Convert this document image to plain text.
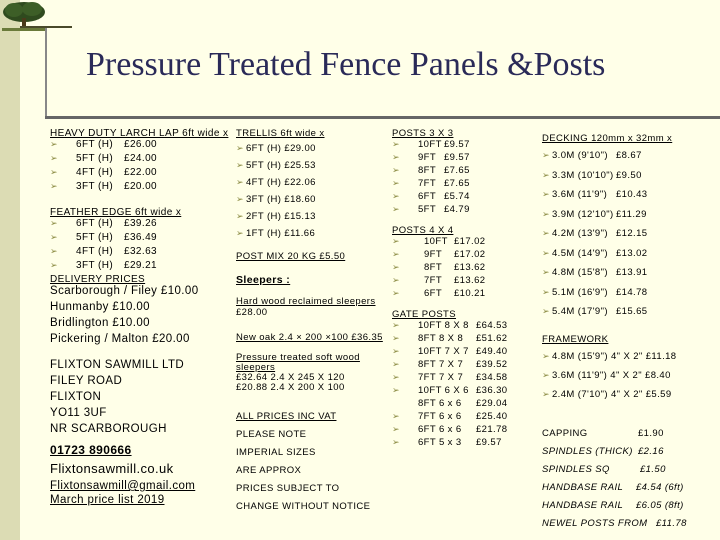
Pressure Treated Fence Panels &Posts
HEAVY DUTY LARCH LAP 6ft wide x
➢ 6FT (H) £26.00
➢ 5FT (H) £24.00
➢ 4FT (H) £22.00
➢ 3FT (H) £20.00
FEATHER EDGE 6ft wide x
➢ 6FT (H) £39.26
➢ 5FT (H) £36.49
➢ 4FT (H) £32.63
➢ 3FT (H) £29.21
DELIVERY PRICES
Scarborough / Filey £10.00
Hunmanby £10.00
Bridlington £10.00
Pickering / Malton £20.00
FLIXTON SAWMILL LTD
FILEY ROAD
FLIXTON
YO11 3UF
NR SCARBOROUGH
01723 890666
Flixtonsawmill.co.uk
Flixtonsawmill@gmail.com
March price list 2019
TRELLIS 6ft wide x
➢ 6FT (H) £29.00
➢ 5FT (H) £25.53
➢ 4FT (H) £22.06
➢ 3FT (H) £18.60
➢ 2FT (H) £15.13
➢ 1FT (H) £11.66
POST MIX 20 KG £5.50
Sleepers :
Hard wood reclaimed sleepers
£28.00
New oak 2.4 × 200 ×100 £36.35
Pressure treated soft wood
sleepers
£32.64 2.4 X 245 X 120
£20.88 2.4 X 200 X 100
ALL PRICES INC VAT
PLEASE NOTE
IMPERIAL SIZES
ARE APPROX
PRICES SUBJECT TO
CHANGE WITHOUT NOTICE
POSTS 3 X 3
➢ 10FT £9.57
➢ 9FT £9.57
➢ 8FT £7.65
➢ 7FT £7.65
➢ 6FT £5.74
➢ 5FT £4.79
POSTS 4 X 4
➢	10FT £17.02
➢	9FT £17.02
➢	8FT £13.62
➢	7FT £13.62
➢	6FT £10.21
GATE POSTS
➢ 10FT 8 X 8 £64.53
➢ 8FT 8 X 8 £51.62
➢ 10FT 7 X 7 £49.40
➢ 8FT 7 X 7 £39.52
➢ 7FT 7 X 7 £34.58
➢ 10FT 6 X 6 £36.30
8FT 6 x 6 £29.04
➢ 7FT 6 x 6 £25.40
➢ 6FT 6 x 6 £21.78
➢ 6FT 5 x 3 £9.57
DECKING 120mm x 32mm x
➢ 3.0M (9'10") £8.67
➢ 3.3M (10'10") £9.50
➢ 3.6M (11'9") £10.43
➢ 3.9M (12'10") £11.29
➢ 4.2M (13'9") £12.15
➢ 4.5M (14'9") £13.02
➢ 4.8M (15'8") £13.91
➢ 5.1M (16'9") £14.78
➢ 5.4M (17'9") £15.65
FRAMEWORK
➢ 4.8M (15'9") 4" X 2" £11.18
➢ 3.6M (11'9") 4" X 2" £8.40
➢ 2.4M (7'10") 4" X 2" £5.59
CAPPING	£1.90
SPINDLES (THICK) £2.16
SPINDLES SQ	£1.50
HANDBASE RAIL £4.54 (6ft)
HANDBASE RAIL £6.05 (8ft)
NEWEL POSTS FROM £11.78
